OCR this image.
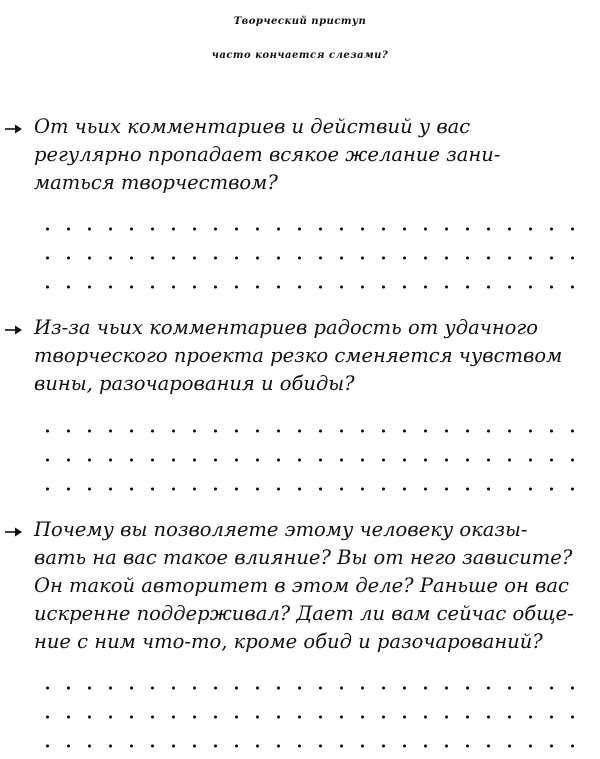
Творческий приступ
часто кончается слезами?

От чьих комментариев и действий у вас

регулярно пропадает всякое желание зани-

маться творчеством?

Из-за чьих комментариев радость от удачного

творческого проекта резко сменяется чувством

вины, разочарования и обиды?

Почему вы позволяете этому человеку оказы-

вать на вас такое влияние? Вы от него зависите?

Он такой авторитет в этом деле? Раньше он вас

искренне поддерживал? Дает ли вам сейчас обще-

ние с ним что-то, кроме обид и разочарований?
